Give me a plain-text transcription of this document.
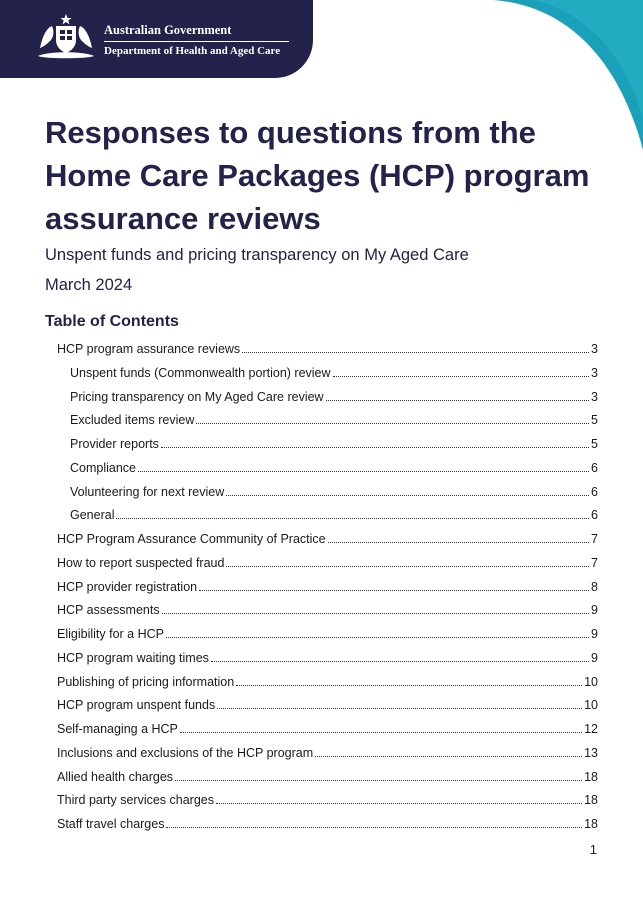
Australian Government
Department of Health and Aged Care
Responses to questions from the Home Care Packages (HCP) program assurance reviews
Unspent funds and pricing transparency on My Aged Care
March 2024
Table of Contents
HCP program assurance reviews	3
Unspent funds (Commonwealth portion) review	3
Pricing transparency on My Aged Care review	3
Excluded items review	5
Provider reports	5
Compliance	6
Volunteering for next review	6
General	6
HCP Program Assurance Community of Practice	7
How to report suspected fraud	7
HCP provider registration	8
HCP assessments	9
Eligibility for a HCP	9
HCP program waiting times	9
Publishing of pricing information	10
HCP program unspent funds	10
Self-managing a HCP	12
Inclusions and exclusions of the HCP program	13
Allied health charges	18
Third party services charges	18
Staff travel charges	18
1
